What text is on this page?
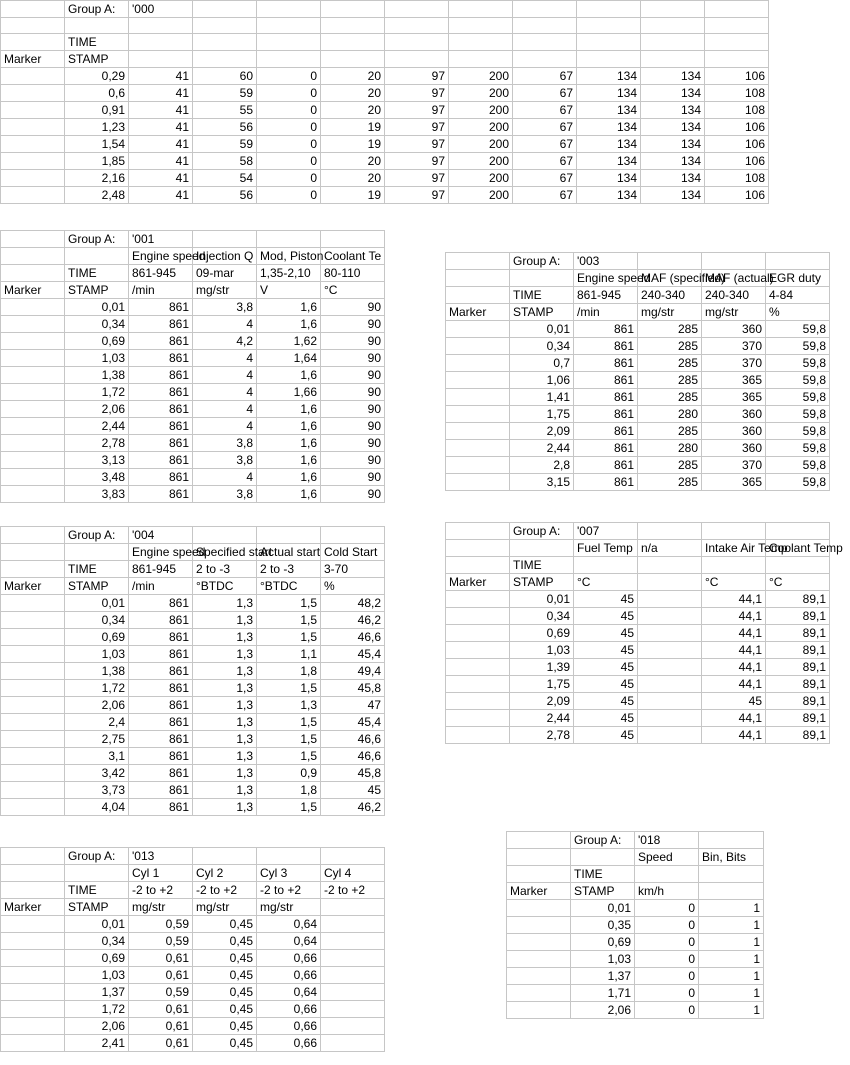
	Group A:	'000									

	TIME										
Marker	STAMP										
	0,29	41	60	0	20	97	200	67	134	134	106
	0,6	41	59	0	20	97	200	67	134	134	108
	0,91	41	55	0	20	97	200	67	134	134	108
	1,23	41	56	0	19	97	200	67	134	134	106
	1,54	41	59	0	19	97	200	67	134	134	106
	1,85	41	58	0	20	97	200	67	134	134	106
	2,16	41	54	0	20	97	200	67	134	134	108
	2,48	41	56	0	19	97	200	67	134	134	106
	Group A:	'001			
		Engine speed	Injection Q	Mod, Piston	Coolant Te
	TIME	861-945	09-mar	1,35-2,10	80-110
Marker	STAMP	/min	mg/str	V	°C
	0,01	861	3,8	1,6	90
	0,34	861	4	1,6	90
	0,69	861	4,2	1,62	90
	1,03	861	4	1,64	90
	1,38	861	4	1,6	90
	1,72	861	4	1,66	90
	2,06	861	4	1,6	90
	2,44	861	4	1,6	90
	2,78	861	3,8	1,6	90
	3,13	861	3,8	1,6	90
	3,48	861	4	1,6	90
	3,83	861	3,8	1,6	90
	Group A:	'003			
		Engine speed	MAF (specified)	MAF (actual)	EGR duty
	TIME	861-945	240-340	240-340	4-84
Marker	STAMP	/min	mg/str	mg/str	%
	0,01	861	285	360	59,8
	0,34	861	285	370	59,8
	0,7	861	285	370	59,8
	1,06	861	285	365	59,8
	1,41	861	285	365	59,8
	1,75	861	280	360	59,8
	2,09	861	285	360	59,8
	2,44	861	280	360	59,8
	2,8	861	285	370	59,8
	3,15	861	285	365	59,8
	Group A:	'004			
		Engine speed	Specified start	Actual start	Cold Start
	TIME	861-945	2 to -3	2 to -3	3-70
Marker	STAMP	/min	°BTDC	°BTDC	%
	0,01	861	1,3	1,5	48,2
	0,34	861	1,3	1,5	46,2
	0,69	861	1,3	1,5	46,6
	1,03	861	1,3	1,1	45,4
	1,38	861	1,3	1,8	49,4
	1,72	861	1,3	1,5	45,8
	2,06	861	1,3	1,3	47
	2,4	861	1,3	1,5	45,4
	2,75	861	1,3	1,5	46,6
	3,1	861	1,3	1,5	46,6
	3,42	861	1,3	0,9	45,8
	3,73	861	1,3	1,8	45
	4,04	861	1,3	1,5	46,2
	Group A:	'007			
		Fuel Temp	n/a	Intake Air Temp	Coolant Temp
	TIME				
Marker	STAMP	°C		°C	°C
	0,01	45		44,1	89,1
	0,34	45		44,1	89,1
	0,69	45		44,1	89,1
	1,03	45		44,1	89,1
	1,39	45		44,1	89,1
	1,75	45		44,1	89,1
	2,09	45		45	89,1
	2,44	45		44,1	89,1
	2,78	45		44,1	89,1
	Group A:	'013			
		Cyl 1	Cyl 2	Cyl 3	Cyl 4
	TIME	-2 to +2	-2 to +2	-2 to +2	-2 to +2
Marker	STAMP	mg/str	mg/str	mg/str	
	0,01	0,59	0,45	0,64	
	0,34	0,59	0,45	0,64	
	0,69	0,61	0,45	0,66	
	1,03	0,61	0,45	0,66	
	1,37	0,59	0,45	0,64	
	1,72	0,61	0,45	0,66	
	2,06	0,61	0,45	0,66	
	2,41	0,61	0,45	0,66	
	Group A:	'018	
		Speed	Bin, Bits
	TIME		
Marker	STAMP	km/h	
	0,01	0	1
	0,35	0	1
	0,69	0	1
	1,03	0	1
	1,37	0	1
	1,71	0	1
	2,06	0	1
